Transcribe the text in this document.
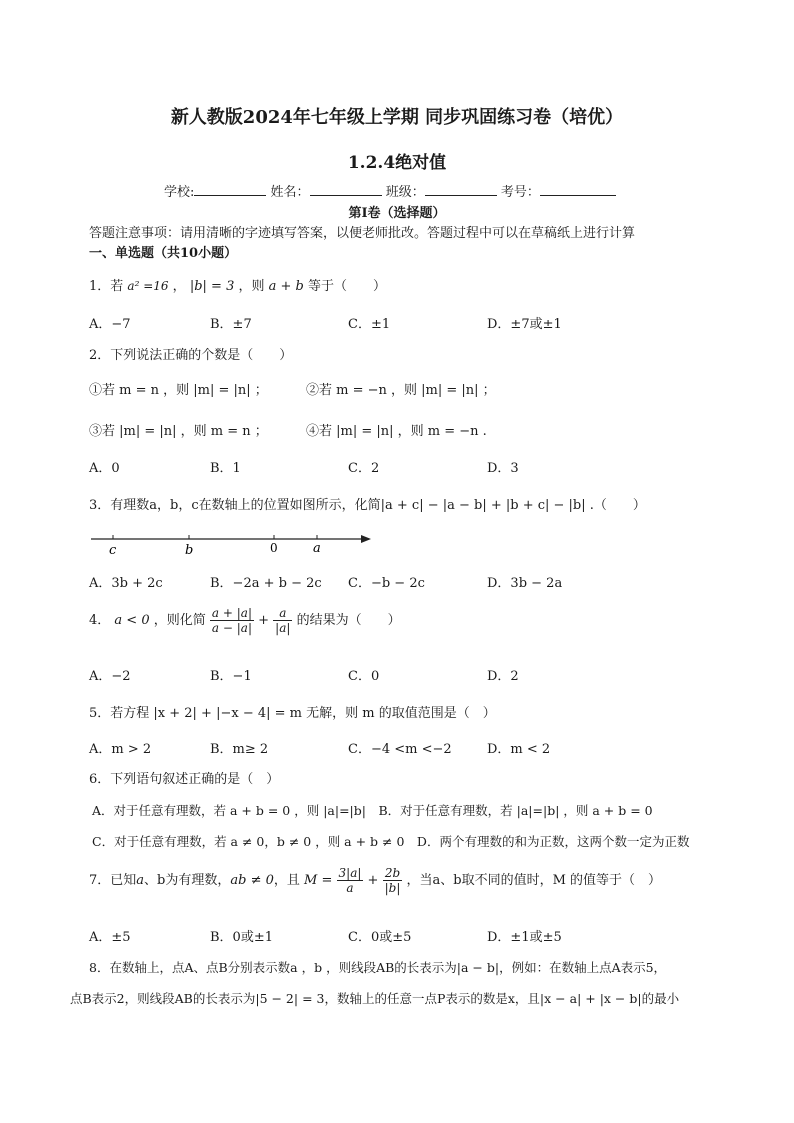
新人教版2024年七年级上学期 同步巩固练习卷（培优）
1.2.4绝对值
学校:	姓名：	班级：	考号：
第Ⅰ卷（选择题）
答题注意事项：请用清晰的字迹填写答案，以便老师批改。答题过程中可以在草稿纸上进行计算
一、单选题（共10小题）
1．若 a² =16 ， |b| = 3 ，则 a + b 等于（　　）
A．−7	B．±7	C．±1	D．±7或±1
2．下列说法正确的个数是（　　）
①若 m = n ，则 |m| = |n| ；	②若 m = −n ，则 |m| = |n| ；
③若 |m| = |n| ，则 m = n ；	④若 |m| = |n| ，则 m = −n .
A．0	B．1	C．2	D．3
3．有理数a，b，c在数轴上的位置如图所示，化简|a + c| − |a − b| + |b + c| − |b| .（　　）
c	b	0	a
A．3b + 2c	B．−2a + b − 2c C．−b − 2c	D．3b − 2a
4． a < 0 ，则化简 $\frac{a + |a|}{a - |a|} + \frac{a}{|a|}$ 的结果为（　　）
A．−2	B．−1	C．0	D．2
5．若方程 |x + 2| + |−x − 4| = m 无解，则 m 的取值范围是（　）
A．m > 2	B．m≥ 2	C．−4 <m <−2	D．m < 2
6．下列语句叙述正确的是（　）
A．对于任意有理数，若 a + b = 0 ，则 |a|=|b|　B．对于任意有理数，若 |a|=|b| ，则 a + b = 0
C．对于任意有理数，若 a ≠ 0，b ≠ 0 ，则 a + b ≠ 0　D．两个有理数的和为正数，这两个数一定为正数
7．已知a、b为有理数，ab ≠ 0，且 $M = \frac{3|a|}{a} + \frac{2b}{|b|}$ ，当a、b取不同的值时，M 的值等于（　）
A．±5	B．0或±1	C．0或±5	D．±1或±5
8．在数轴上，点A、点B分别表示数a ，b ，则线段AB的长表示为|a − b|，例如：在数轴上点A表示5，
点B表示2，则线段AB的长表示为|5 − 2| = 3，数轴上的任意一点P表示的数是x，且|x − a| + |x − b|的最小
